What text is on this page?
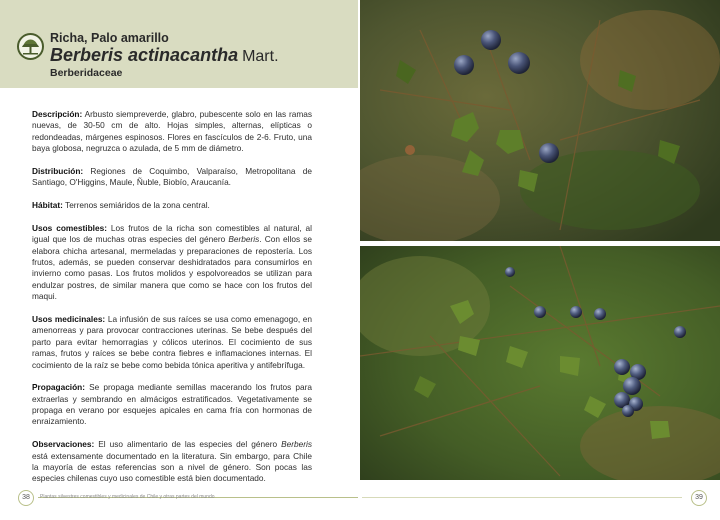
Richa, Palo amarillo
Berberis actinacantha Mart.
Berberidaceae

Descripción: Arbusto siempreverde, glabro, pubescente solo en las ramas nuevas, de 30-50 cm de alto. Hojas simples, alternas, elípticas o redondeadas, márgenes espinosos. Flores en fascículos de 2-6. Fruto, una baya globosa, negruzca o azulada, de 5 mm de diámetro.

Distribución: Regiones de Coquimbo, Valparaíso, Metropolitana de Santiago, O'Higgins, Maule, Ñuble, Biobío, Araucanía.

Hábitat: Terrenos semiáridos de la zona central.

Usos comestibles: Los frutos de la richa son comestibles al natural, al igual que los de muchas otras especies del género Berberis. Con ellos se elabora chicha artesanal, mermeladas y preparaciones de repostería. Los frutos, además, se pueden conservar deshidratados para consumirlos en invierno como pasas. Los frutos molidos y espolvoreados se utilizan para endulzar postres, de similar manera que como se hace con los frutos del maqui.

Usos medicinales: La infusión de sus raíces se usa como emenagogo, en amenorreas y para provocar contracciones uterinas. Se bebe después del parto para evitar hemorragias y cólicos uterinos. El cocimiento de sus ramas, frutos y raíces se bebe contra fiebres e inflamaciones internas. El cocimiento de la raíz se bebe como bebida tónica aperitiva y antifebrífuga.

Propagación: Se propaga mediante semillas macerando los frutos para extraerlas y sembrando en almácigos estratificados. Vegetativamente se propaga en verano por esquejes apicales en cama fría con hormonas de enraizamiento.

Observaciones: El uso alimentario de las especies del género Berberis está extensamente documentado en la literatura. Sin embargo, para Chile la mayoría de estas referencias son a nivel de género. Son pocas las especies chilenas cuyo uso comestible está bien documentado.

38	Plantas silvestres comestibles y medicinales de Chile y otras partes del mundo	39
